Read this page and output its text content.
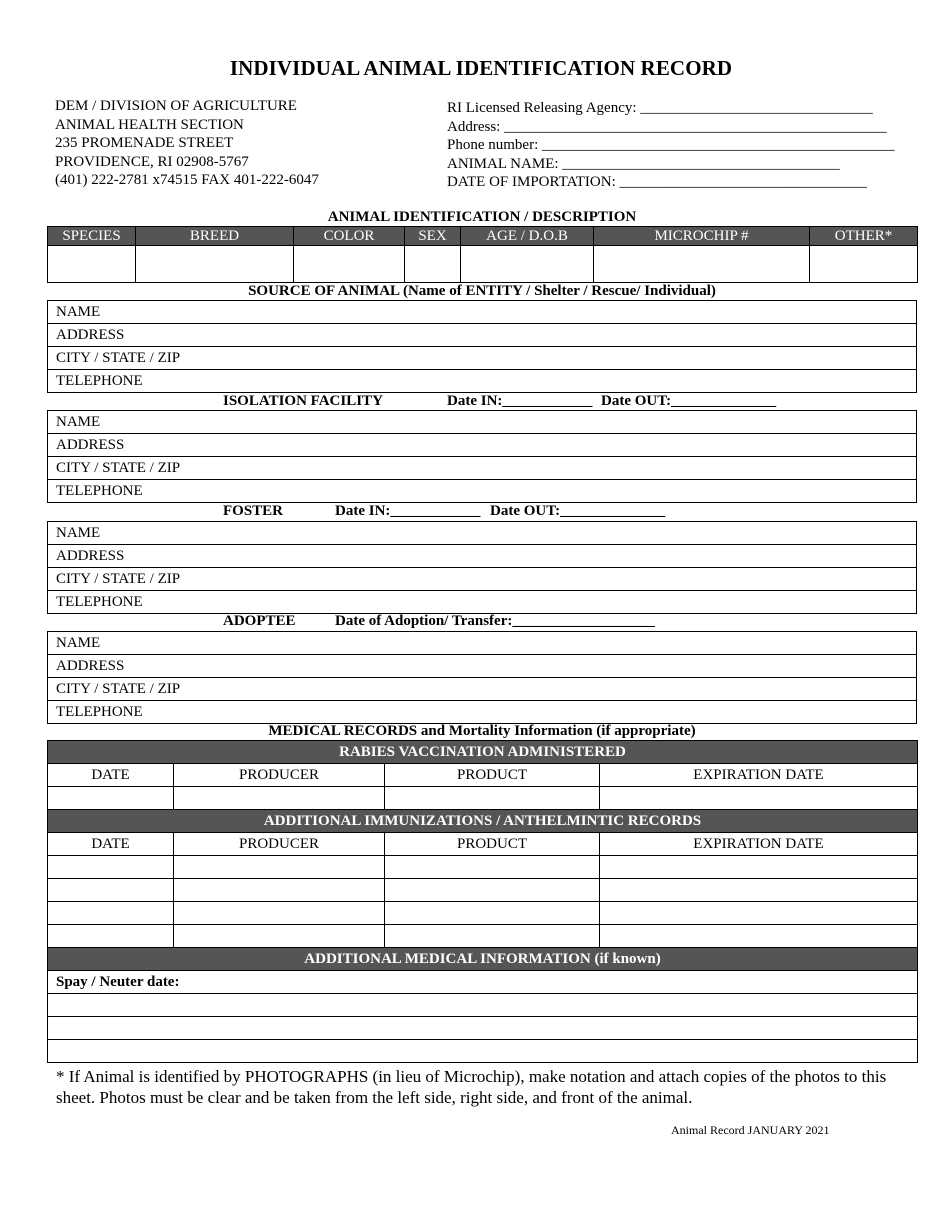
INDIVIDUAL ANIMAL IDENTIFICATION RECORD
DEM / DIVISION OF AGRICULTURE
ANIMAL HEALTH SECTION
235 PROMENADE STREET
PROVIDENCE, RI 02908-5767
(401) 222-2781 x74515 FAX 401-222-6047
RI Licensed Releasing Agency: _______________________________
Address: ___________________________________________________
Phone number: _______________________________________________
ANIMAL NAME: _____________________________________
DATE OF IMPORTATION: _________________________________
ANIMAL IDENTIFICATION / DESCRIPTION
SPECIES	BREED	COLOR	SEX	AGE / D.O.B	MICROCHIP #	OTHER*

SOURCE OF ANIMAL (Name of ENTITY / Shelter / Rescue/ Individual)
NAME
ADDRESS
CITY / STATE / ZIP
TELEPHONE
ISOLATION FACILITY	Date IN:____________ Date OUT:______________
NAME
ADDRESS
CITY / STATE / ZIP
TELEPHONE
FOSTER	Date IN:____________ Date OUT:______________
NAME
ADDRESS
CITY / STATE / ZIP
TELEPHONE
ADOPTEE	Date of Adoption/ Transfer:___________________
NAME
ADDRESS
CITY / STATE / ZIP
TELEPHONE
MEDICAL RECORDS and Mortality Information (if appropriate)
RABIES VACCINATION ADMINISTERED			
DATE	PRODUCER	PRODUCT	EXPIRATION DATE

ADDITIONAL IMMUNIZATIONS / ANTHELMINTIC RECORDS			
DATE	PRODUCER	PRODUCT	EXPIRATION DATE

ADDITIONAL MEDICAL INFORMATION (if known)			
Spay / Neuter date:			

* If Animal is identified by PHOTOGRAPHS (in lieu of Microchip), make notation and attach copies of the photos to this sheet. Photos must be clear and be taken from the left side, right side, and front of the animal.
Animal Record JANUARY 2021
